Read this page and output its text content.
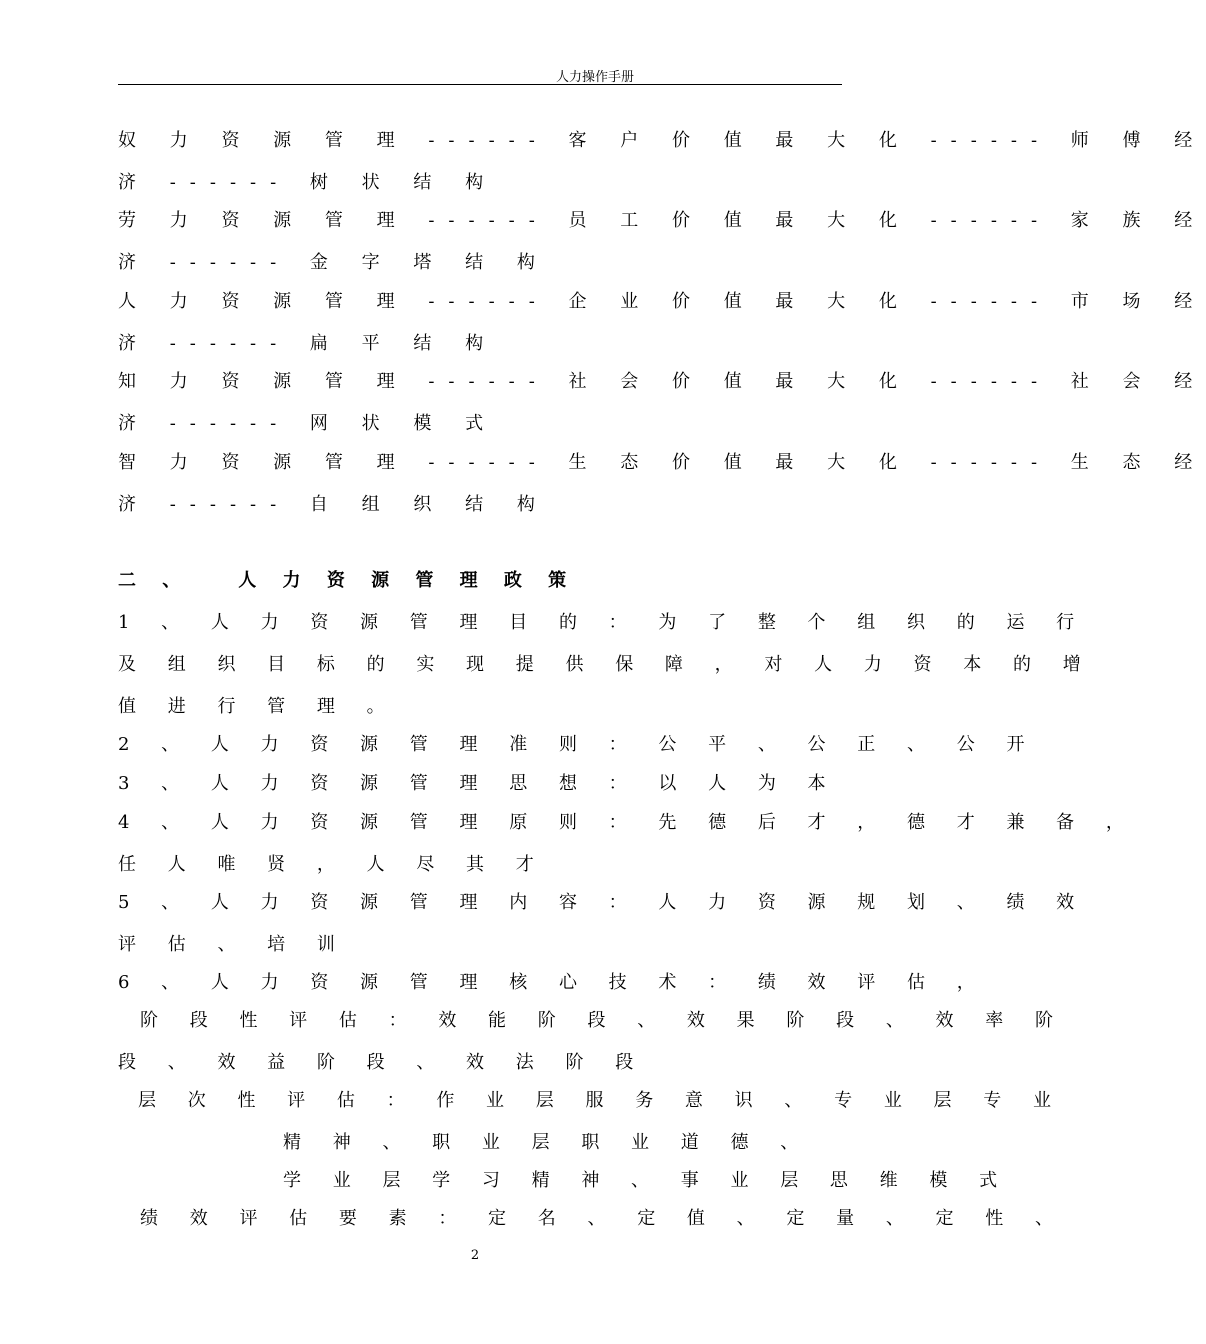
人力操作手册
奴 力 资 源 管 理 ------ 客 户 价 值 最 大 化 ------ 师 傅 经
济 ------ 树 状 结 构
劳 力 资 源 管 理 ------ 员 工 价 值 最 大 化 ------ 家 族 经
济 ------ 金 字 塔 结 构
人 力 资 源 管 理 ------ 企 业 价 值 最 大 化 ------ 市 场 经
济 ------ 扁 平 结 构
知 力 资 源 管 理 ------ 社 会 价 值 最 大 化 ------ 社 会 经
济 ------ 网 状 模 式
智 力 资 源 管 理 ------ 生 态 价 值 最 大 化 ------ 生 态 经
济 ------ 自 组 织 结 构
二 、	人 力 资 源 管 理 政 策
1 、 人 力 资 源 管 理 目 的 ： 为 了 整 个 组 织 的 运 行
及 组 织 目 标 的 实 现 提 供 保 障 ， 对 人 力 资 本 的 增
值 进 行 管 理 。
2 、 人 力 资 源 管 理 准 则 ： 公 平 、 公 正 、 公 开
3 、 人 力 资 源 管 理 思 想 ： 以 人 为 本
4 、 人 力 资 源 管 理 原 则 ： 先 德 后 才 ， 德 才 兼 备 ，
任 人 唯 贤 ， 人 尽 其 才
5 、 人 力 资 源 管 理 内 容 ： 人 力 资 源 规 划 、 绩 效
评 估 、 培 训
6 、 人 力 资 源 管 理 核 心 技 术 ： 绩 效 评 估 ，
阶 段 性 评 估 ： 效 能 阶 段 、 效 果 阶 段 、 效 率 阶
段 、 效 益 阶 段 、 效 法 阶 段
层 次 性 评 估 ： 作 业 层 服 务 意 识 、 专 业 层 专 业
精 神 、 职 业 层 职 业 道 德 、
学 业 层 学 习 精 神 、 事 业 层 思 维 模 式
绩 效 评 估 要 素 ： 定 名 、 定 值 、 定 量 、 定 性 、
2
